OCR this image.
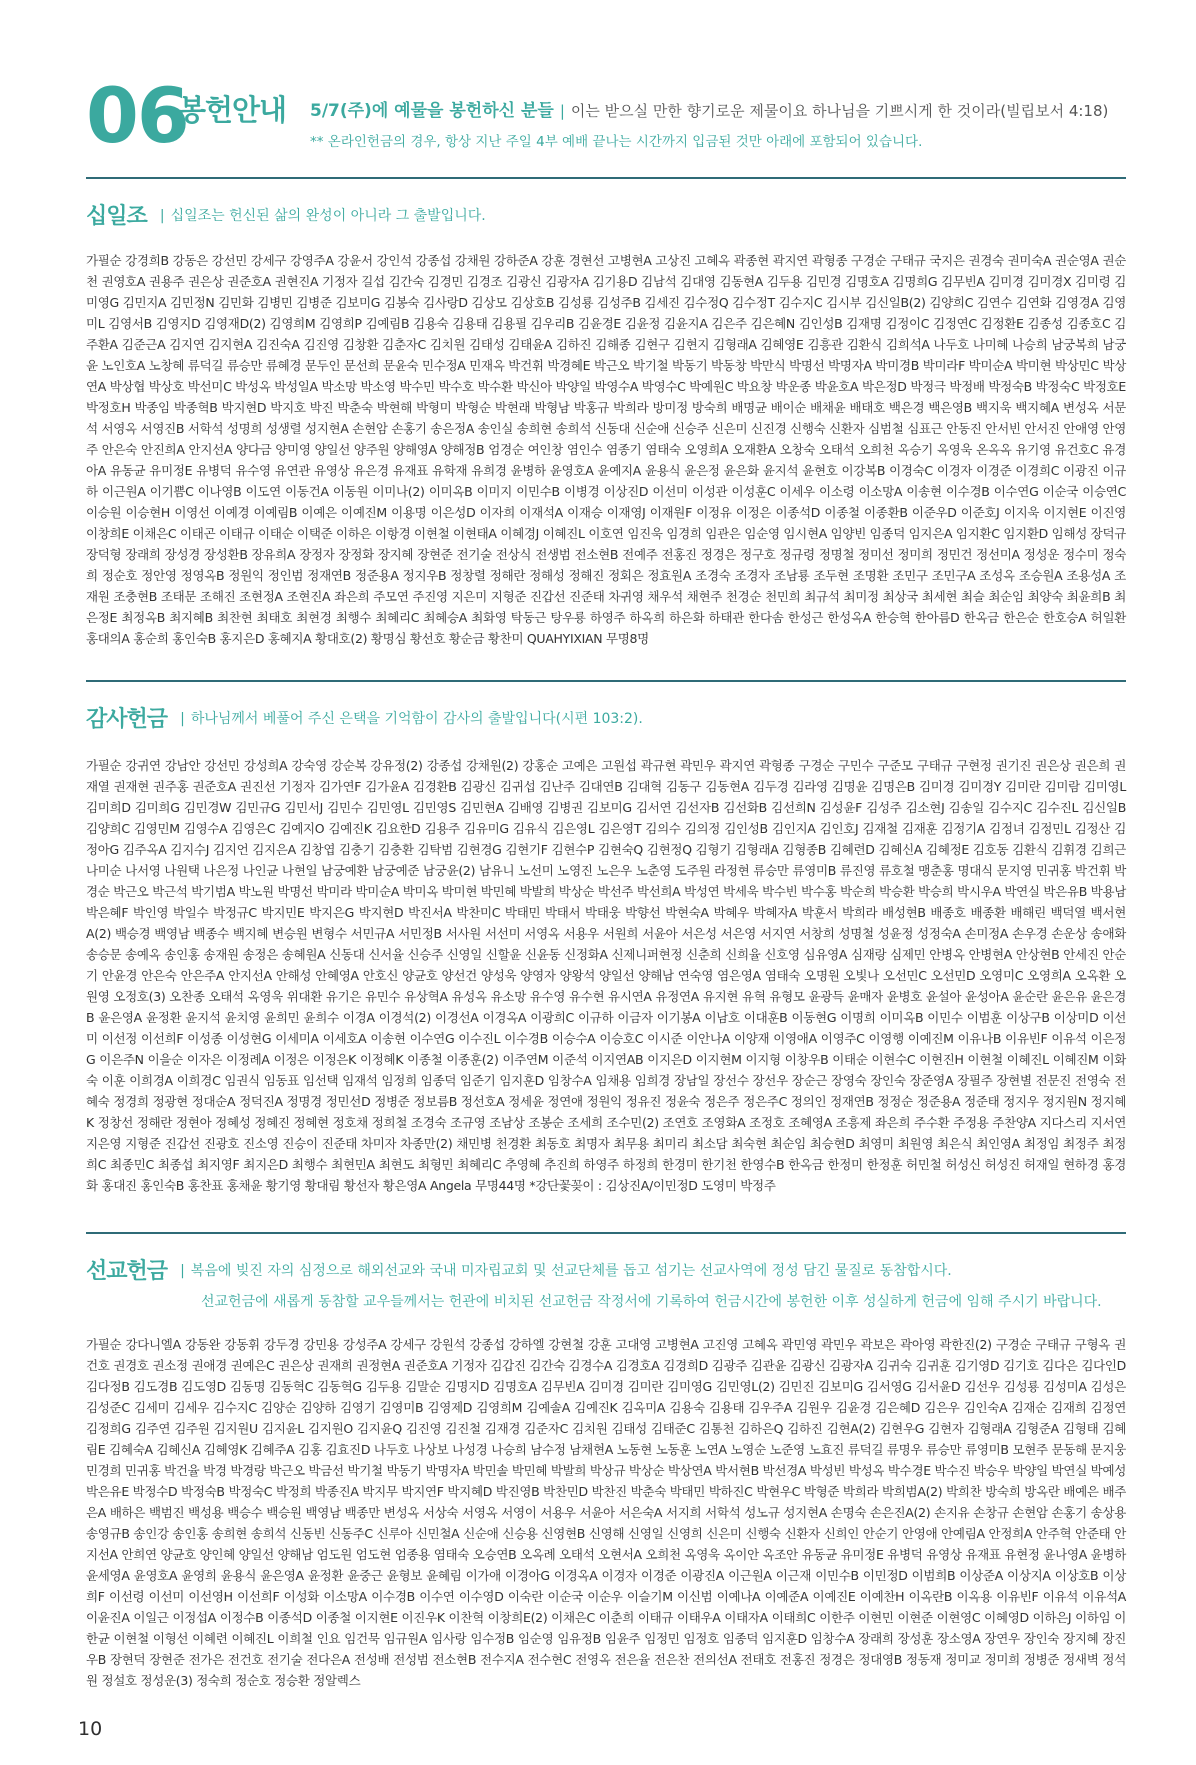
06
봉헌안내 5/7(주)에 예물을 봉헌하신 분들 | 이는 받으실 만한 향기로운 제물이요 하나님을 기쁘시게 한 것이라(빌립보서 4:18)
** 온라인헌금의 경우, 항상 지난 주일 4부 예배 끝나는 시간까지 입금된 것만 아래에 포함되어 있습니다.
십일조 | 십일조는 헌신된 삶의 완성이 아니라 그 출발입니다.
가필순 강경희B 강동은 강선민 강세구 강영주A 강윤서 강인석 강종섭 강채원 강하준A 강훈 경현선 고병현A 고상진 고혜옥 곽종현 곽지연 곽형종 구경순 구태규 국지은 권경숙 권미숙A 권순영A 권순천 권영호A 권용주 권은상 권준호A 권현진A 기정자 길섭 김간숙 김경민 김경조 김광신 김광자A 김기용D 김남석 김대영 김동현A 김두용 김민경 김명호A 김명희G 김무빈A 김미경 김미경X 김미령 김미영G 김민지A 김민정N 김민화 김병민 김병준 김보미G 김봉숙 김사랑D 김상모 김상호B 김성룡 김성주B 김세진 김수정Q 김수정T 김수지C 김시부 김신일B(2) 김양희C 김연수 김연화 김영경A 김영미L 김영서B 김영지D 김영재D(2) 김영희M 김영희P 김예림B 김용숙 김용태 김용필 김우리B 김윤경E 김윤정 김윤지A 김은주 김은혜N 김인성B 김재명 김정이C 김정연C 김정환E 김종성 김종호C 김주환A 김준근A 김지연 김지현A 김진숙A 김진영 김창환 김춘자C 김치원 김태성 김태윤A 김하진 김해종 김현구 김현지 김형래A 김혜영E 김흥관 김환식 김희석A 나두호 나미혜 나승희 남궁복희 남궁윤 노인호A 노창혜 류덕길 류승만 류혜경 문두인 문선희 문윤숙 민수정A 민재옥 박건휘 박경혜E 박근오 박기철 박동기 박동창 박만식 박명선 박명자A 박미경B 박미라F 박미순A 박미현 박상민C 박상연A 박상협 박상호 박선미C 박성옥 박성일A 박소망 박소영 박수민 박수호 박수환 박신아 박양일 박영수A 박영수C 박예원C 박요창 박운종 박윤호A 박은정D 박정극 박정배 박정숙B 박정숙C 박정호E 박정호H 박종임 박종혁B 박지현D 박지호 박진 박춘숙 박현해 박형미 박형순 박현래 박형남 박홍규 박희라 방미정 방숙희 배명균 배이순 배채윤 배태호 백은경 백은영B 백지욱 백지혜A 변성옥 서문석 서영옥 서영진B 서학석 성명희 성생렬 성지현A 손현암 손홍기 송은정A 송인실 송희현 송희석 신동대 신순애 신승주 신은미 신진경 신행숙 신환자 심범철 심표근 안동진 안서빈 안서진 안애영 안영주 안은숙 안진희A 안지선A 양다금 양미영 양일선 양주원 양해영A 양해정B 엄경순 여인창 염인수 염종기 염태숙 오영희A 오재환A 오창숙 오태석 오희천 옥승기 옥영욱 온옥옥 유기영 유건호C 유경아A 유동균 유미정E 유병덕 유수영 유연관 유영상 유은경 유재표 유학재 유희경 윤병하 윤영호A 윤예지A 윤용식 윤은정 윤은화 윤지석 윤현호 이강복B 이경숙C 이경자 이경준 이경희C 이광진 이규하 이근원A 이기쁨C 이나영B 이도연 이동건A 이동원 이미나(2) 이미옥B 이미지 이민수B 이병경 이상진D 이선미 이성관 이성훈C 이세우 이소령 이소망A 이송현 이수경B 이수연G 이순국 이승연C 이승원 이승현H 이영선 이예경 이예림B 이예은 이예진M 이용명 이은성D 이자희 이재석A 이재승 이재영J 이재원F 이정유 이정은 이종석D 이종철 이종환B 이준우D 이준호J 이지욱 이지현E 이진영 이창희E 이채은C 이태곤 이태규 이태순 이택준 이하은 이항경 이현철 이현태A 이혜경J 이혜진L 이호연 임진욱 임경희 임관은 임순영 임시현A 임양빈 임종덕 임지은A 임지환C 임지환D 임해성 장덕규 장덕형 장래희 장성경 장성환B 장유희A 장정자 장정화 장지혜 장현준 전기술 전상식 전생범 전소현B 전예주 전홍진 정경은 정구호 정규령 정명철 정미선 정미희 정민건 정선미A 정성운 정수미 정숙희 정순호 정안영 정영옥B 정원익 정인범 정재연B 정준용A 정지우B 정창렬 정해란 정해성 정해진 정회은 정효원A 조경숙 조경자 조남룡 조두현 조명환 조민구 조민구A 조성옥 조승원A 조용성A 조재원 조충현B 조태문 조해진 조현정A 조현진A 좌은희 주모연 주진영 지은미 지형준 진갑선 진준태 차귀영 채우석 채현주 천경순 천민희 최규석 최미정 최상국 최세현 최슬 최순임 최양숙 최윤희B 최은정E 최정옥B 최지혜B 최찬현 최태호 최현경 최행수 최혜리C 최혜승A 최화영 탁동근 탕우룡 하영주 하옥희 하은화 하태관 한다솜 한성근 한성옥A 한승혁 한아름D 한옥금 한은순 한호승A 허일환 홍대의A 홍순희 홍인숙B 홍지은D 홍혜지A 황대호(2) 황명심 황선호 황순금 황찬미 QUAHYIXIAN 무명8명
감사헌금 | 하나님께서 베풀어 주신 은택을 기억함이 감사의 출발입니다(시편 103:2).
가필순 강귀연 강남안 강선민 강성희A 강숙영 강순복 강유정(2) 강종섭 강채원(2) 강홍순 고예은 고원섭 곽규현 곽민우 곽지연 곽형종 구경순 구민수 구준모 구태규 구현정 권기진 권은상 권은희 권재열 권재현 권주홍 권준호A 권진선 기정자 김가연F 김가윤A 김경환B 김광신 김귀섭 김난주 김대연B 김대혁 김동구 김동현A 김두경 김라영 김명윤 김명은B 김미경 김미경Y 김미란 김미람 김미영L 김미희D 김미희G 김민경W 김민규G 김민서J 김민수 김민영L 김민영S 김민현A 김배영 김병권 김보미G 김서연 김선자B 김선화B 김선희N 김성윤F 김성주 김소현J 김송일 김수지C 김수진L 김신일B 김양희C 김영민M 김영수A 김영은C 김예지O 김예진K 김요한D 김용주 김유미G 김유식 김은영L 김은영T 김의수 김의정 김인성B 김인지A 김인호J 김재철 김재훈 김정기A 김정녀 김정민L 김정산 김정아G 김주옥A 김지수J 김지언 김지은A 김창엽 김충기 김충환 김탁범 김현경G 김현기F 김현수P 김현숙Q 김현정Q 김형기 김형래A 김형종B 김혜련D 김혜신A 김혜정E 김호동 김환식 김휘경 김희근 나미순 나서영 나원택 나은정 나인균 나현일 남궁예환 남궁예준 남궁윤(2) 남유니 노선미 노영진 노은우 노춘영 도주원 라정현 류승만 류영미B 류진영 류호철 맹춘홍 명대식 문지영 민귀홍 박건휘 박경순 박근오 박근석 박기범A 박노원 박명선 박미라 박미순A 박미옥 박미현 박민혜 박발희 박상순 박선주 박선희A 박성연 박세욱 박수빈 박수홍 박순희 박승환 박승희 박시우A 박연실 박은유B 박용남 박은혜F 박인영 박일수 박정규C 박지민E 박지은G 박지현D 박진서A 박찬미C 박태민 박태서 박태웅 박향선 박현숙A 박혜우 박혜자A 박훈서 박희라 배성현B 배종호 배종환 배해린 백덕열 백서현A(2) 백승경 백영남 백종수 백지혜 변승원 변형수 서민규A 서민정B 서사원 서선미 서영옥 서용우 서원희 서윤아 서은성 서은영 서지연 서창희 성명철 성윤정 성정숙A 손미정A 손우경 손운상 송애화 송승문 송예옥 송인홍 송재원 송정은 송혜원A 신동대 신서율 신승주 신영일 신할윤 신윤동 신정화A 신제니퍼현정 신춘희 신희율 신호영 심유영A 심재랑 심제민 안병옥 안병현A 안상현B 안세진 안순기 안윤경 안은숙 안은주A 안지선A 안해성 안혜영A 안호신 양균호 양선건 양성욱 양영자 양왕석 양일선 양해남 연숙영 염은영A 염태숙 오명원 오빛나 오선민C 오선민D 오영미C 오영희A 오옥환 오원영 오정호(3) 오찬종 오태석 옥영욱 위대환 유기은 유민수 유상혁A 유성옥 유소망 유수영 유수현 유시연A 유정연A 유지현 유혁 유형모 윤광득 윤매자 윤병호 윤설아 윤성아A 윤순란 윤은유 윤은경B 윤은영A 윤정환 윤지석 윤치영 윤희민 윤희수 이경A 이경석(2) 이경선A 이경옥A 이광희C 이규하 이금자 이기봉A 이남호 이대훈B 이동현G 이명희 이미옥B 이민수 이범훈 이상구B 이상미D 이선미 이선정 이선희F 이성종 이성현G 이세미A 이세호A 이송현 이수연G 이수진L 이수경B 이승수A 이승호C 이시준 이안나A 이양재 이영애A 이영주C 이영행 이예진M 이유나B 이유빈F 이유석 이은정G 이은주N 이을순 이자은 이정례A 이정은 이정은K 이정혜K 이종철 이종훈(2) 이주연M 이준석 이지연AB 이지은D 이지현M 이지형 이창우B 이태순 이현수C 이현진H 이현철 이혜진L 이혜진M 이화숙 이훈 이희경A 이희경C 임권식 임동표 임선택 임재석 임정희 임종덕 임준기 임지훈D 임창수A 임채용 임희경 장남일 장선수 장선우 장순근 장영숙 장인숙 장준영A 장필주 장현별 전문진 전영숙 전혜숙 정경희 정광현 정대순A 정덕진A 정명경 정민선D 정병준 정보름B 정선호A 정세윤 정연애 정원익 정유진 정윤숙 정은주 정은주C 정의인 정재연B 정정순 정준용A 정준태 정지우 정지원N 정지혜K 정창선 정해란 정현아 정혜성 정혜진 정혜현 정호채 정희철 조경숙 조규영 조남상 조봉순 조세희 조수민(2) 조연호 조영화A 조정호 조혜영A 조흥제 좌은희 주수환 주정용 주찬양A 지다스리 지서연 지은영 지형준 진갑선 진광호 진소영 진승이 진준태 차미자 차종만(2) 채민병 천경환 최동호 최명자 최무용 최미리 최소담 최숙현 최순임 최승현D 최영미 최원영 최은식 최인영A 최정임 최정주 최정희C 최종민C 최종섭 최지영F 최지은D 최행수 최현민A 최현도 최형민 최혜리C 추영혜 추진희 하영주 하정희 한경미 한기천 한영수B 한옥금 한정미 한정훈 허민철 허성신 허성진 허재일 현하경 홍경화 홍대진 홍인숙B 홍찬표 홍채윤 황기영 황대림 황선자 황은영A Angela 무명44명 *강단꽃꽂이 : 김상진A/이민정D 도영미 박정주
선교헌금 | 복음에 빚진 자의 심정으로 해외선교와 국내 미자립교회 및 선교단체를 돕고 섬기는 선교사역에 정성 담긴 물질로 동참합시다.
선교헌금에 새롭게 동참할 교우들께서는 헌관에 비치된 선교헌금 작정서에 기록하여 헌금시간에 봉헌한 이후 성실하게 헌금에 임해 주시기 바랍니다.
가필순 강다니엘A 강동완 강동휘 강두경 강민용 강성주A 강세구 강원석 강종섭 강하엘 강현철 강훈 고대영 고병현A 고진영 고혜옥 곽민영 곽민우 곽보은 곽아영 곽한진(2) 구경순 구태규 구형옥 권건호 권경호 권소정 권애경 권예은C 권은상 권재희 권정현A 권준호A 기정자 김갑진 김간숙 김경수A 김경호A 김경희D 김광주 김관윤 김광신 김광자A 김귀숙 김귀훈 김기영D 김기호 김다은 김다인D 김다정B 김도경B 김도영D 김동명 김동혁C 김동혁G 김두용 김말순 김명지D 김명호A 김무빈A 김미경 김미란 김미영G 김민영L(2) 김민진 김보미G 김서영G 김서윤D 김선우 김성룡 김성미A 김성은 김성준C 김세미 김세우 김수지C 김양순 김양하 김영기 김영미B 김영제D 김영희M 김예솔A 김예진K 김옥미A 김용숙 김용태 김우주A 김원우 김윤경 김은혜D 김은우 김인숙A 김재순 김재희 김정연 김정희G 김주연 김주원 김지원U 김지윤L 김지원O 김지윤Q 김진영 김진철 김재경 김준자C 김치원 김태성 김태준C 김통천 김하은Q 김하진 김현A(2) 김현우G 김현자 김형래A 김형준A 김형태 김혜림E 김혜숙A 김혜신A 김혜영K 김혜주A 김홍 김효진D 나두호 나상보 나성경 나승희 남수정 남채현A 노동현 노동훈 노연A 노영순 노준영 노효진 류덕길 류명우 류승만 류영미B 모현주 문동해 문지웅 민경희 민귀홍 박건율 박경 박경랑 박근오 박금선 박기철 박동기 박명자A 박민솔 박민혜 박발희 박상규 박상순 박상연A 박서현B 박선경A 박성빈 박성옥 박수경E 박수진 박승우 박양일 박연실 박예성 박은유E 박정수D 박정숙B 박정숙C 박정희 박종진A 박지무 박지연F 박지혜D 박진영B 박찬민D 박찬진 박춘숙 박태민 박하진C 박현우C 박형준 박희라 박희범A(2) 박희찬 방숙희 방옥란 배예은 배주은A 배하은 백범진 백성용 백승수 백승원 백영남 백종만 변성옥 서상숙 서영옥 서영이 서용우 서윤아 서은숙A 서지희 서학석 성노규 성지현A 손명숙 손은진A(2) 손지유 손창규 손현암 손홍기 송상용 송영규B 송인강 송인홍 송희현 송희석 신동빈 신동주C 신루아 신민철A 신순애 신승용 신영현B 신영해 신영일 신영희 신은미 신행숙 신환자 신희인 안순기 안영애 안예림A 안정희A 안주혁 안준태 안지선A 안희연 양균호 양인혜 양일선 양해남 엄도원 엄도현 엄종용 염태숙 오승연B 오옥례 오태석 오현서A 오희천 옥영욱 옥이안 옥조안 유동균 유미정E 유병덕 유영상 유재표 유현정 윤나영A 윤병하 윤세영A 윤영호A 윤영희 윤용식 윤은영A 윤정환 윤중근 윤형보 윤혜림 이가애 이경아G 이경옥A 이경자 이경준 이광진A 이근원A 이근재 이민수B 이민정D 이범희B 이상준A 이상지A 이상호B 이상희F 이선령 이선미 이선영H 이선희F 이성화 이소망A 이수경B 이수연 이수영D 이숙란 이순국 이순우 이슬기M 이신범 이예나A 이예준A 이예진E 이예찬H 이옥란B 이옥용 이유빈F 이유석 이유석A 이윤진A 이일근 이정섭A 이정수B 이종석D 이종철 이지현E 이진우K 이찬혁 이창희E(2) 이채은C 이춘희 이태규 이태우A 이태자A 이태희C 이한주 이현민 이현준 이현영C 이혜영D 이하은J 이하임 이한균 이현철 이형선 이혜련 이혜진L 이희철 인요 임건묵 임규원A 임사랑 임수정B 임순영 임유정B 임윤주 임정민 임정호 임종덕 임지훈D 임창수A 장래희 장성훈 장소영A 장연우 장인숙 장지혜 장진우B 장현덕 장현준 전가은 전건호 전기술 전다은A 전성배 전성범 전소현B 전수지A 전수현C 전영옥 전은율 전은찬 전의선A 전태호 전홍진 정경은 정대영B 정동재 정미교 정미희 정병준 정새벽 정석원 정설호 정성운(3) 정숙희 정순호 정승환 정알렉스
10
